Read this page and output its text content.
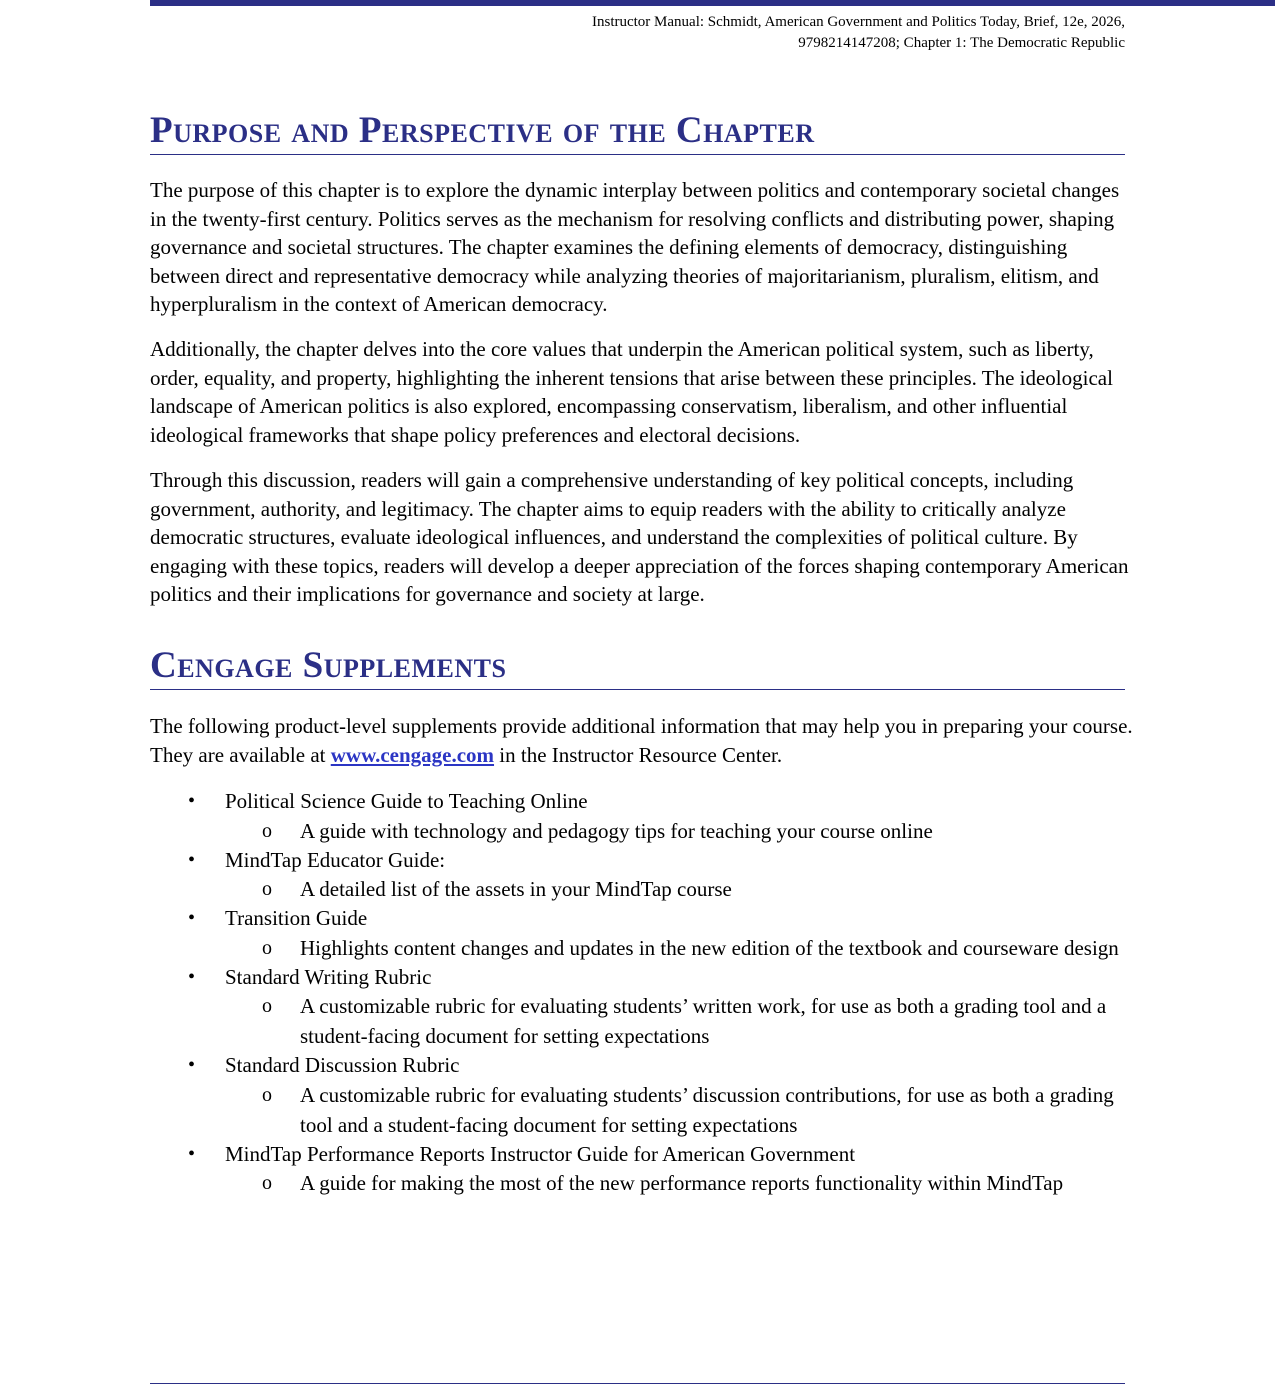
Instructor Manual: Schmidt, American Government and Politics Today, Brief, 12e, 2026,
9798214147208; Chapter 1: The Democratic Republic
Purpose and Perspective of the Chapter

The purpose of this chapter is to explore the dynamic interplay between politics and contemporary societal changes in the twenty-first century. Politics serves as the mechanism for resolving conflicts and distributing power, shaping governance and societal structures. The chapter examines the defining elements of democracy, distinguishing between direct and representative democracy while analyzing theories of majoritarianism, pluralism, elitism, and hyperpluralism in the context of American democracy.

Additionally, the chapter delves into the core values that underpin the American political system, such as liberty, order, equality, and property, highlighting the inherent tensions that arise between these principles. The ideological landscape of American politics is also explored, encompassing conservatism, liberalism, and other influential ideological frameworks that shape policy preferences and electoral decisions.

Through this discussion, readers will gain a comprehensive understanding of key political concepts, including government, authority, and legitimacy. The chapter aims to equip readers with the ability to critically analyze democratic structures, evaluate ideological influences, and understand the complexities of political culture. By engaging with these topics, readers will develop a deeper appreciation of the forces shaping contemporary American politics and their implications for governance and society at large.

Cengage Supplements

The following product-level supplements provide additional information that may help you in preparing your course. They are available at www.cengage.com in the Instructor Resource Center.

• Political Science Guide to Teaching Online
o A guide with technology and pedagogy tips for teaching your course online
• MindTap Educator Guide:
o A detailed list of the assets in your MindTap course
• Transition Guide
o Highlights content changes and updates in the new edition of the textbook and courseware design
• Standard Writing Rubric
o A customizable rubric for evaluating students’ written work, for use as both a grading tool and a student-facing document for setting expectations
• Standard Discussion Rubric
o A customizable rubric for evaluating students’ discussion contributions, for use as both a grading tool and a student-facing document for setting expectations
• MindTap Performance Reports Instructor Guide for American Government
o A guide for making the most of the new performance reports functionality within MindTap
